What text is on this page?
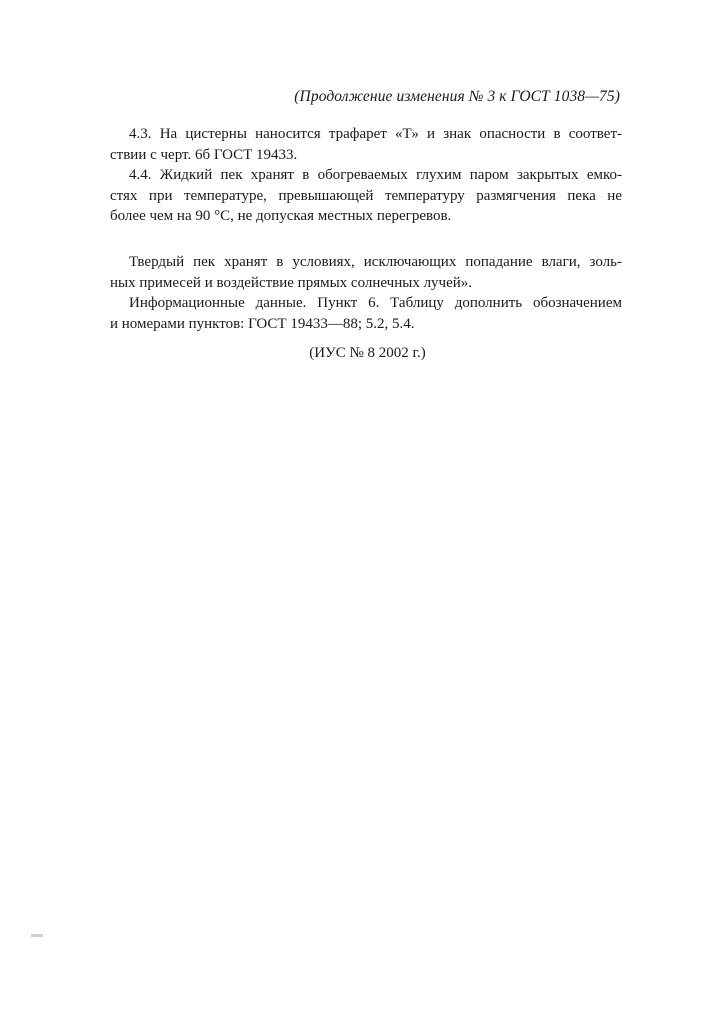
(Продолжение изменения № 3 к ГОСТ 1038—75)

4.3. На цистерны наносится трафарет «Т» и знак опасности в соответ-
ствии с черт. 6б ГОСТ 19433.

4.4. Жидкий пек хранят в обогреваемых глухим паром закрытых емко-
стях при температуре, превышающей температуру размягчения пека не
более чем на 90 °С, не допуская местных перегревов.

Твердый пек хранят в условиях, исключающих попадание влаги, золь-
ных примесей и воздействие прямых солнечных лучей».

Информационные данные. Пункт 6. Таблицу дополнить обозначением
и номерами пунктов: ГОСТ 19433—88; 5.2, 5.4.

(ИУС № 8 2002 г.)
